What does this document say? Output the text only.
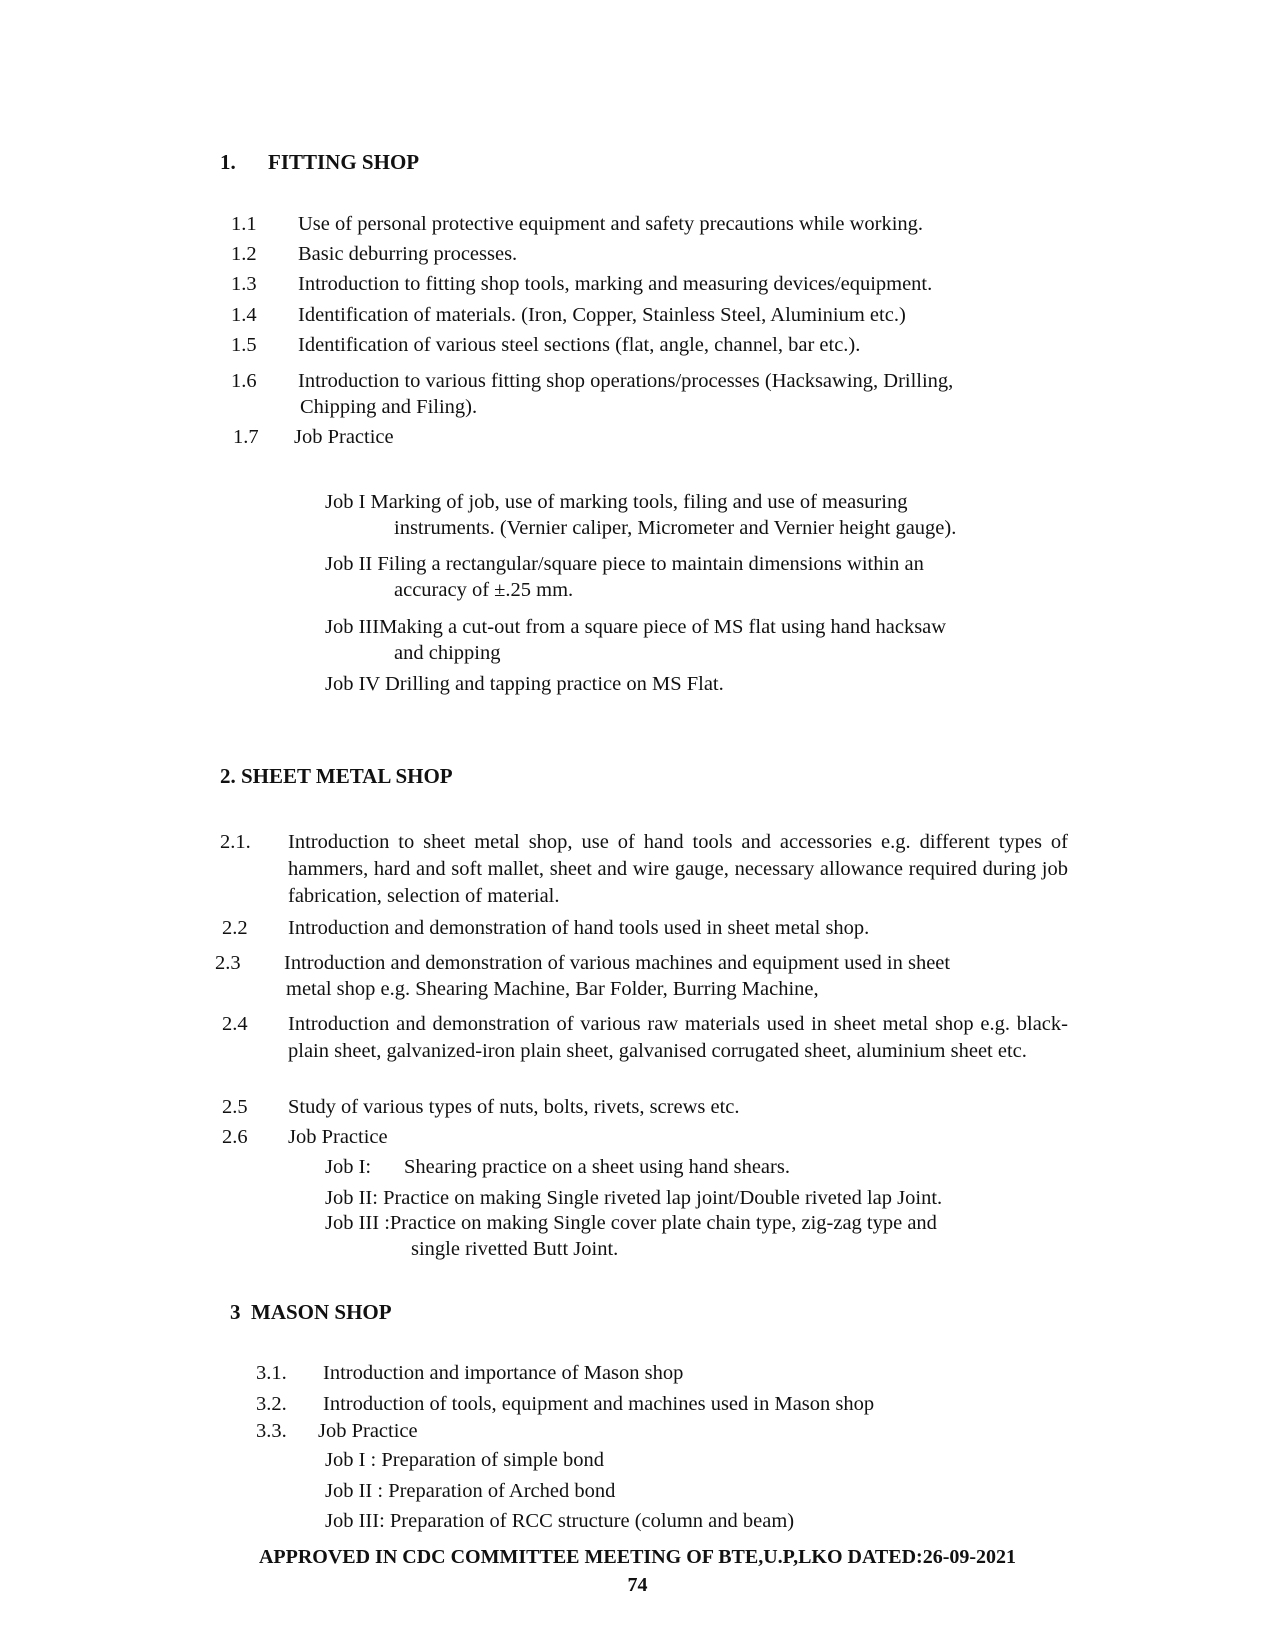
1. FITTING SHOP
1.1 Use of personal protective equipment and safety precautions while working.
1.2 Basic deburring processes.
1.3 Introduction to fitting shop tools, marking and measuring devices/equipment.
1.4 Identification of materials. (Iron, Copper, Stainless Steel, Aluminium etc.)
1.5 Identification of various steel sections (flat, angle, channel, bar etc.).
1.6 Introduction to various fitting shop operations/processes (Hacksawing, Drilling,
Chipping and Filing).
1.7 Job Practice
Job I Marking of job, use of marking tools, filing and use of measuring
instruments. (Vernier caliper, Micrometer and Vernier height gauge).
Job II Filing a rectangular/square piece to maintain dimensions within an
accuracy of ±.25 mm.
Job IIIMaking a cut-out from a square piece of MS flat using hand hacksaw
and chipping
Job IV Drilling and tapping practice on MS Flat.
2. SHEET METAL SHOP
2.1. Introduction to sheet metal shop, use of hand tools and accessories e.g. different types of hammers, hard and soft mallet, sheet and wire gauge, necessary allowance required during job fabrication, selection of material.
2.2 Introduction and demonstration of hand tools used in sheet metal shop.
2.3 Introduction and demonstration of various machines and equipment used in sheet
metal shop e.g. Shearing Machine, Bar Folder, Burring Machine,
2.4 Introduction and demonstration of various raw materials used in sheet metal shop e.g. black-plain sheet, galvanized-iron plain sheet, galvanised corrugated sheet, aluminium sheet etc.
2.5 Study of various types of nuts, bolts, rivets, screws etc.
2.6 Job Practice
Job I: Shearing practice on a sheet using hand shears.
Job II: Practice on making Single riveted lap joint/Double riveted lap Joint.
Job III :Practice on making Single cover plate chain type, zig-zag type and
single rivetted Butt Joint.
3  MASON SHOP
3.1. Introduction and importance of Mason shop
3.2. Introduction of tools, equipment and machines used in Mason shop
3.3. Job Practice
Job I : Preparation of simple bond
Job II : Preparation of Arched bond
Job III: Preparation of RCC structure (column and beam)
APPROVED IN CDC COMMITTEE MEETING OF BTE,U.P,LKO DATED:26-09-2021
74
